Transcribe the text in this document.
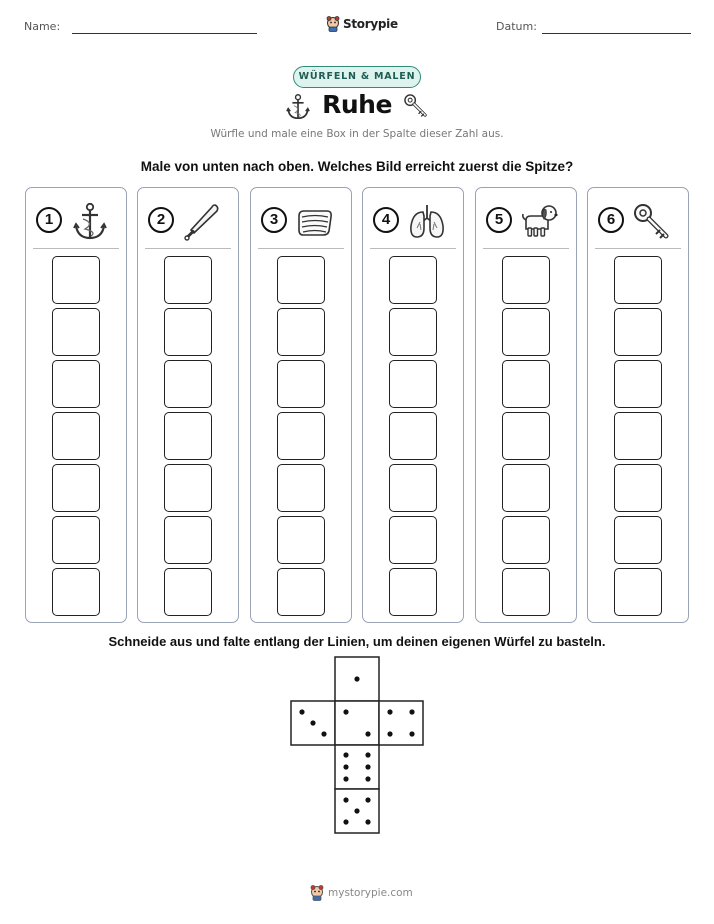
Name:	Storypie	Datum:
WÜRFELN & MALEN
Ruhe
Würfle und male eine Box in der Spalte dieser Zahl aus.
Male von unten nach oben. Welches Bild erreicht zuerst die Spitze?
1	2	3	4	5	6
Schneide aus und falte entlang der Linien, um deinen eigenen Würfel zu basteln.
mystorypie.com
